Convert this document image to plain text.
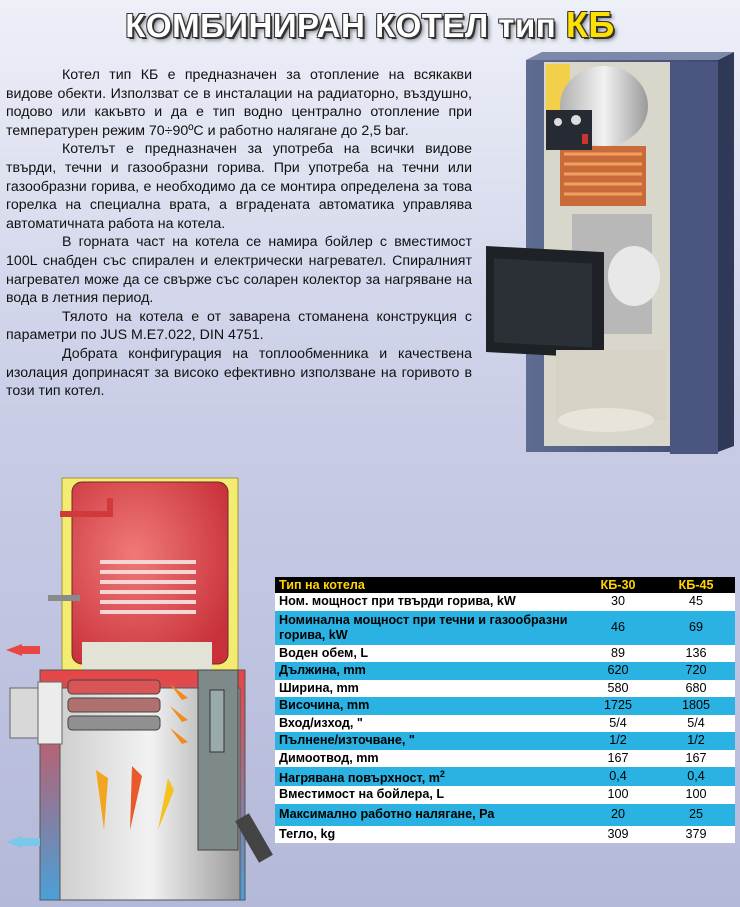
КОМБИНИРАН КОТЕЛ тип КБ

Котел тип КБ е предназначен за отопление на всякакви видове обекти. Използват се в инсталации на радиаторно, въздушно, подово или какъвто и да е тип водно централно отопление при температурен режим 70÷90ºC и работно налягане до 2,5 bar.

Котелът е предназначен за употреба на всички видове твърди, течни и газообразни горива. При употреба на течни или газообразни горива, е необходимо да се монтира определена за това горелка на специална врата, а вградената автоматика управлява автоматичната работа на котела.

В горната част на котела се намира бойлер с вместимост 100L снабден със спирален и електрически нагревател. Спиралният нагревател може да се свърже със соларен колектор за нагряване на вода в летния период.

Тялото на котела е от заварена стоманена конструкция с параметри по JUS M.E7.022, DIN 4751.

Добрата конфигурация на топлообменника и качествена изолация допринасят за високо ефективно използване на горивото в този тип котел.

Тип на котела	КБ-30	КБ-45
Ном. мощност при твърди горива, kW	30	45
Номинална мощност при течни и газообразни горива, kW	46	69
Воден обем, L	89	136
Дължина, mm	620	720
Ширина, mm	580	680
Височина, mm	1725	1805
Вход/изход, "	5/4	5/4
Пълнене/източване, "	1/2	1/2
Димоотвод, mm	167	167
Нагрявана повърхност, $m^2$	0,4	0,4
Вместимост на бойлера, L	100	100
Максимално работно налягане, Ра	20	25
Тегло, kg	309	379
